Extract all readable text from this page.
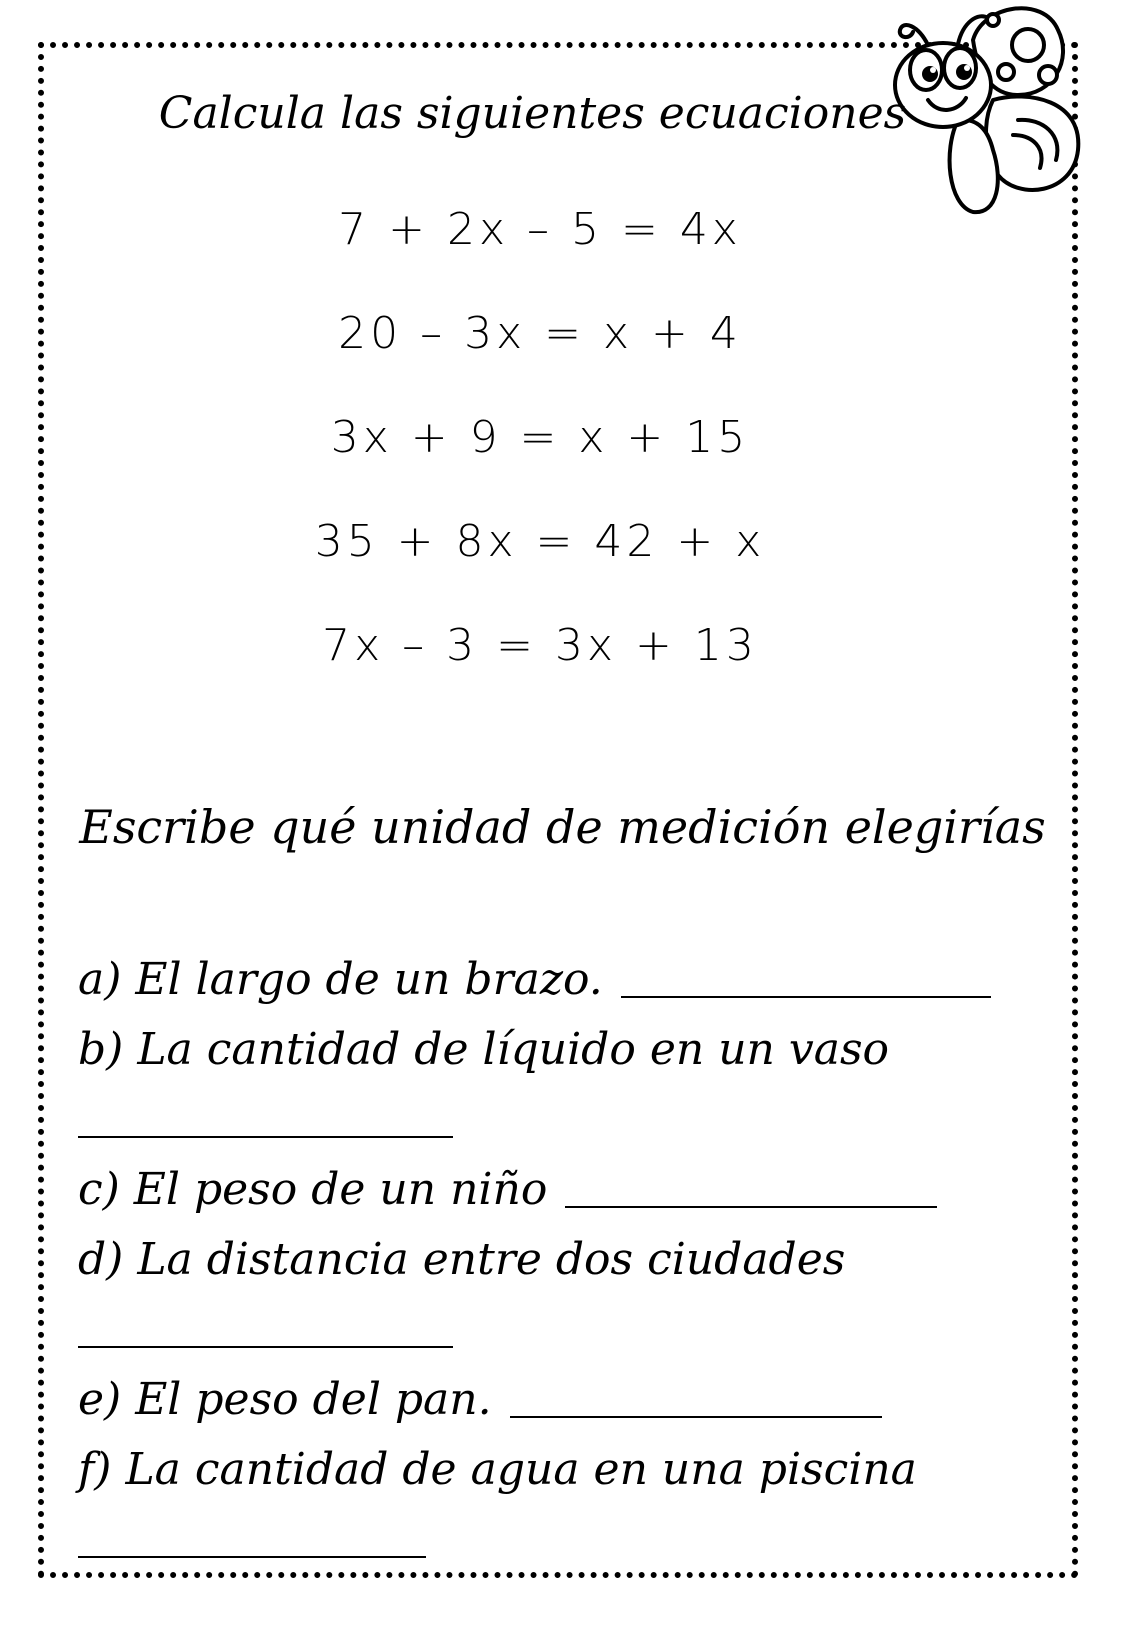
Calcula las siguientes ecuaciones
7 + 2x – 5 = 4x
20 – 3x = x + 4
3x + 9 = x + 15
35 + 8x = 42 + x
7x – 3 = 3x + 13
Escribe qué unidad de medición elegirías
a) El largo de un brazo.
b) La cantidad de líquido en un vaso
c) El peso de un niño
d) La distancia entre dos ciudades
e) El peso del pan.
f) La cantidad de agua en una piscina
